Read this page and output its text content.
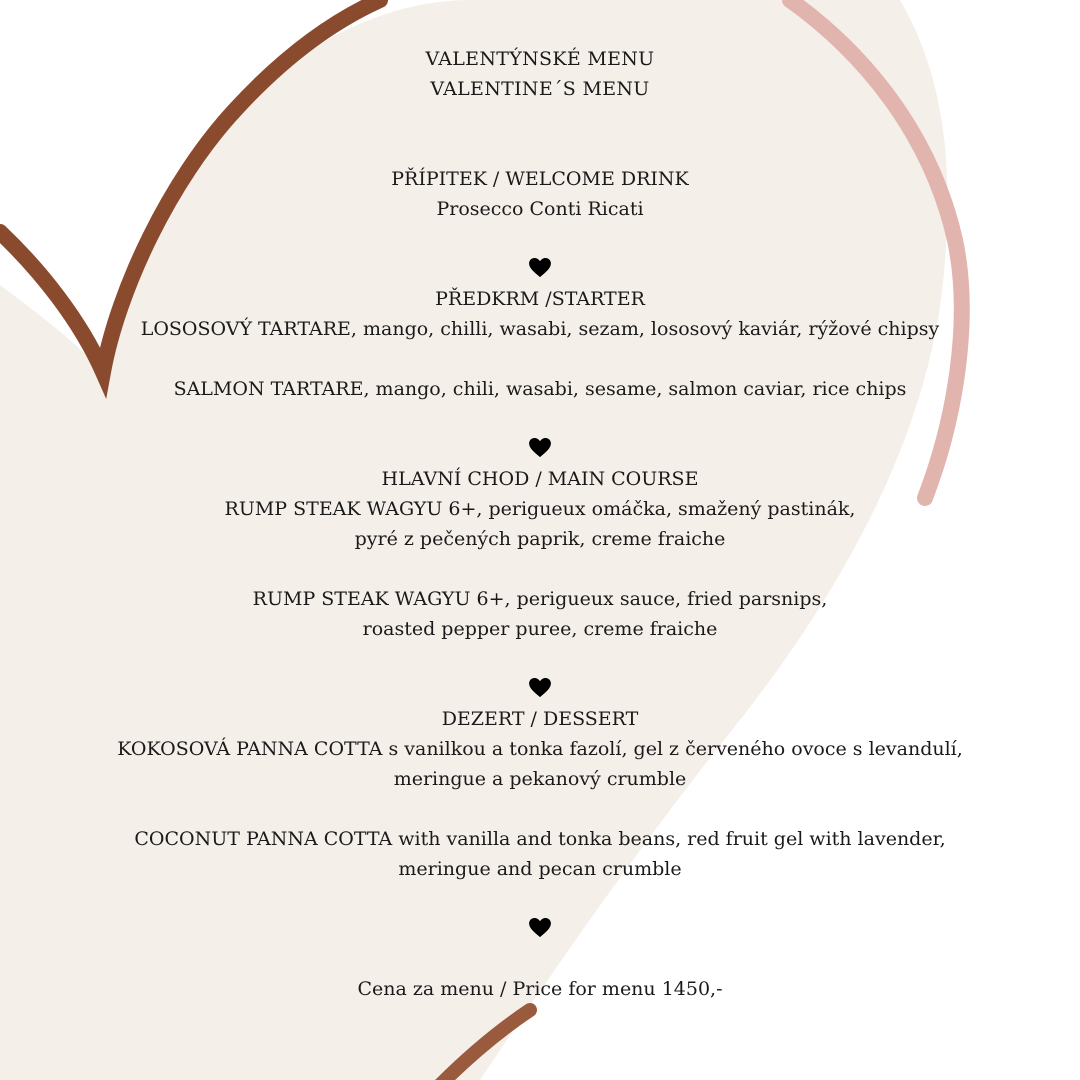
VALENTÝNSKÉ MENU
VALENTINE´S MENU
PŘÍPITEK / WELCOME DRINK
Prosecco Conti Ricati
PŘEDKRM /STARTER
LOSOSOVÝ TARTARE, mango, chilli, wasabi, sezam, lososový kaviár, rýžové chipsy
SALMON TARTARE, mango, chili, wasabi, sesame, salmon caviar, rice chips
HLAVNÍ CHOD / MAIN COURSE
RUMP STEAK WAGYU 6+, perigueux omáčka, smažený pastinák,
pyré z pečených paprik, creme fraiche
RUMP STEAK WAGYU 6+, perigueux sauce, fried parsnips,
roasted pepper puree, creme fraiche
DEZERT / DESSERT
KOKOSOVÁ PANNA COTTA s vanilkou a tonka fazolí, gel z červeného ovoce s levandulí,
meringue a pekanový crumble
COCONUT PANNA COTTA with vanilla and tonka beans, red fruit gel with lavender,
meringue and pecan crumble
Cena za menu / Price for menu 1450,-
